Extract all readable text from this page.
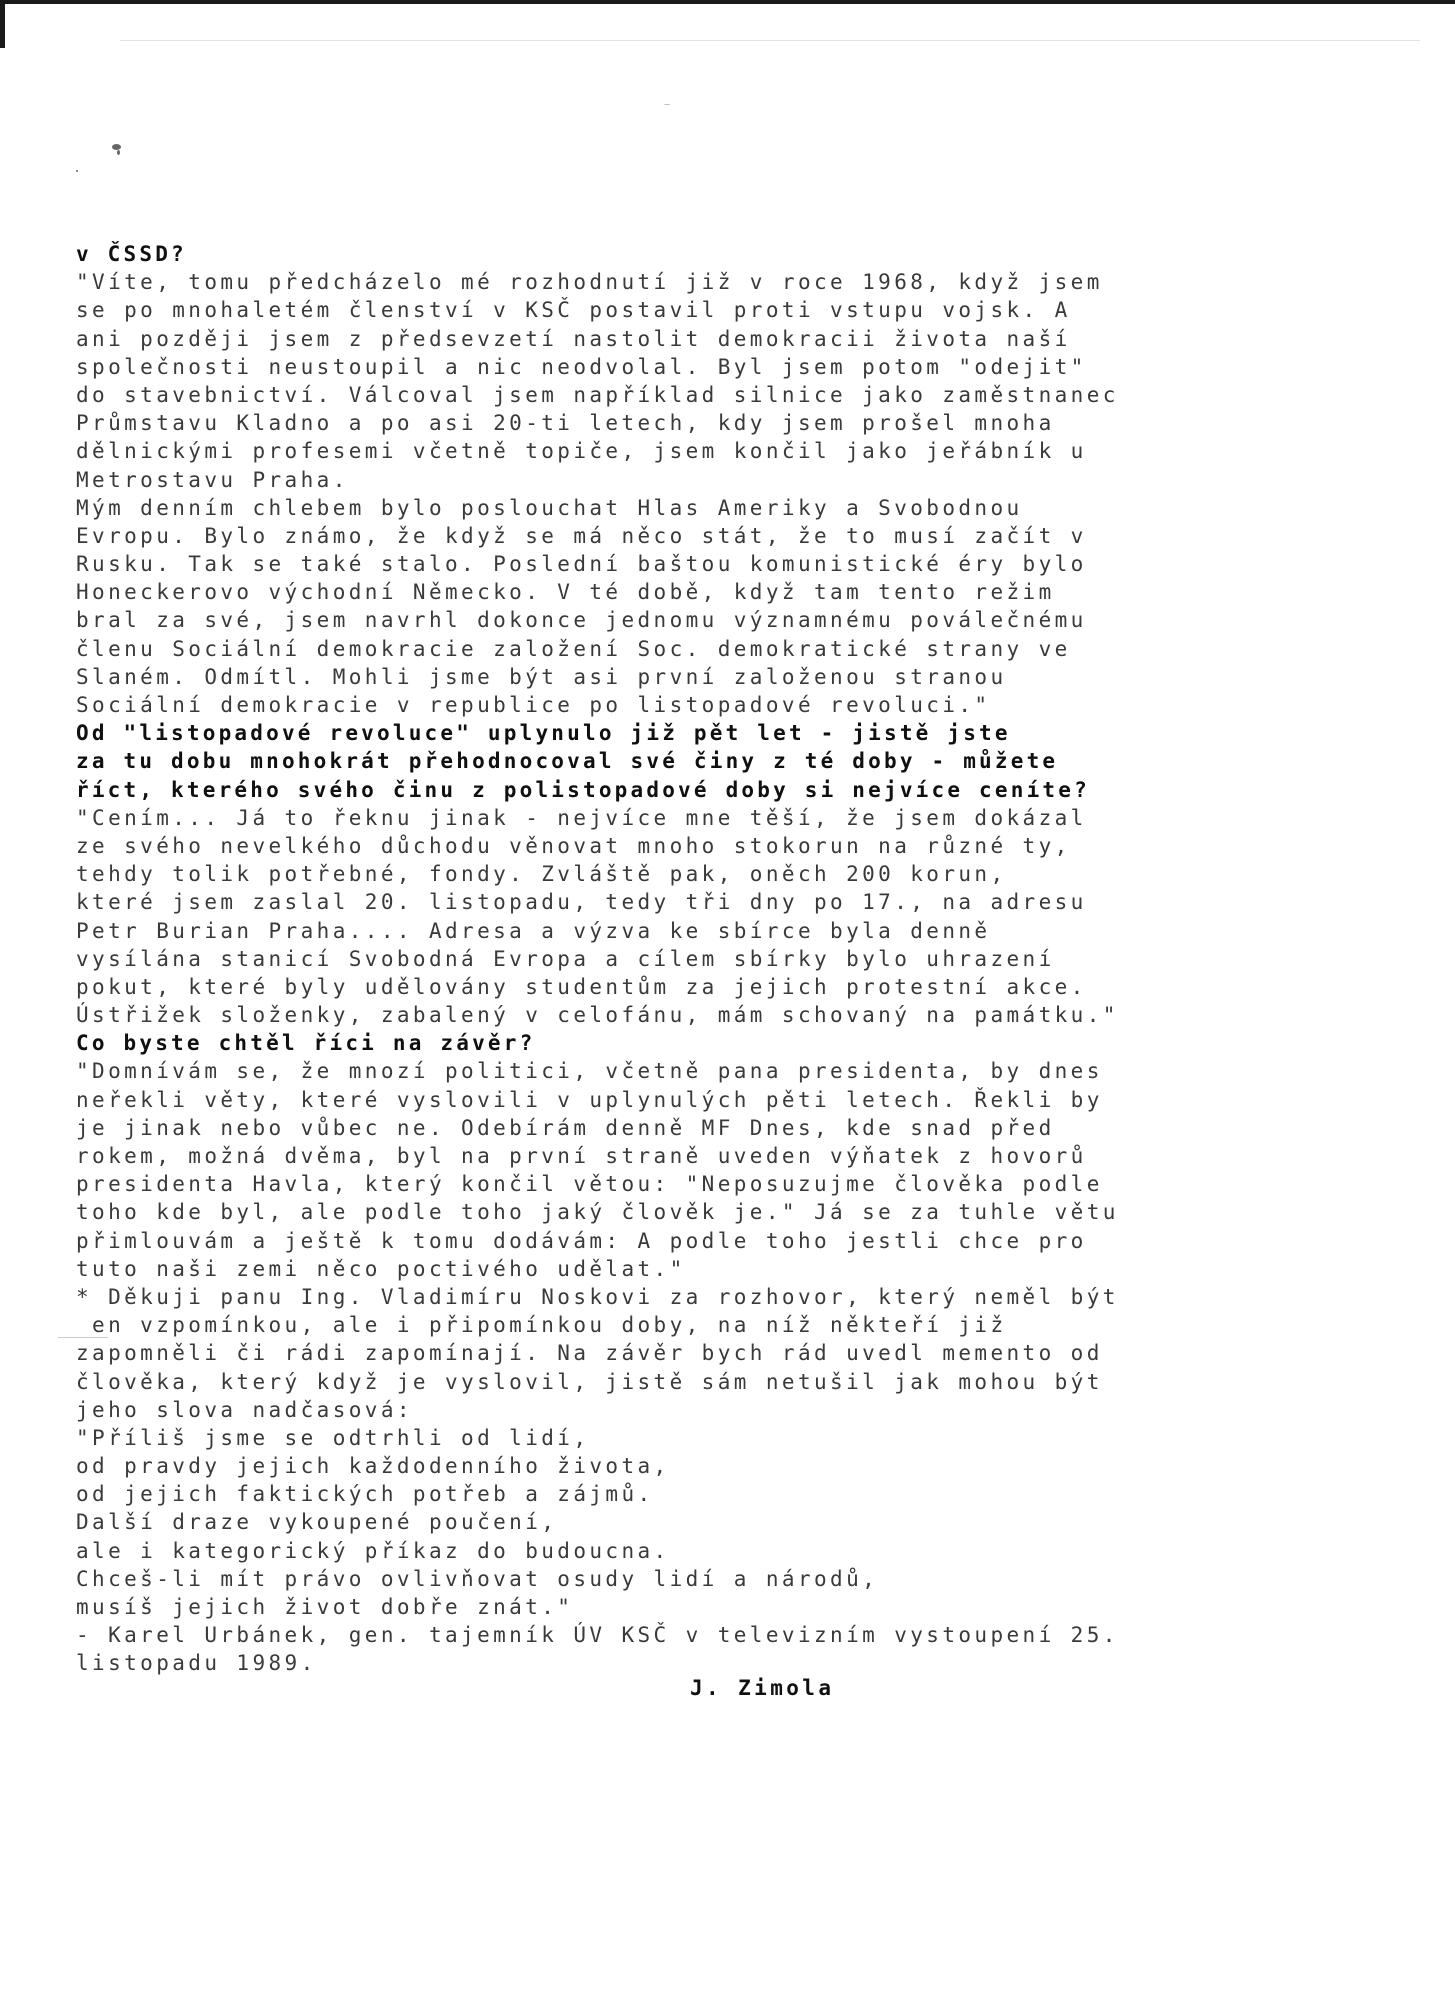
v ČSSD?
"Víte, tomu předcházelo mé rozhodnutí již v roce 1968, když jsem
se po mnohaletém členství v KSČ postavil proti vstupu vojsk. A
ani později jsem z předsevzetí nastolit demokracii života naší
společnosti neustoupil a nic neodvolal. Byl jsem potom "odejit"
do stavebnictví. Válcoval jsem například silnice jako zaměstnanec
Průmstavu Kladno a po asi 20-ti letech, kdy jsem prošel mnoha
dělnickými profesemi včetně topiče, jsem končil jako jeřábník u
Metrostavu Praha.
Mým denním chlebem bylo poslouchat Hlas Ameriky a Svobodnou
Evropu. Bylo známo, že když se má něco stát, že to musí začít v
Rusku. Tak se také stalo. Poslední baštou komunistické éry bylo
Honeckerovo východní Německo. V té době, když tam tento režim
bral za své, jsem navrhl dokonce jednomu významnému poválečnému
členu Sociální demokracie založení Soc. demokratické strany ve
Slaném. Odmítl. Mohli jsme být asi první založenou stranou
Sociální demokracie v republice po listopadové revoluci."
Od "listopadové revoluce" uplynulo již pět let - jistě jste
za tu dobu mnohokrát přehodnocoval své činy z té doby - můžete
říct, kterého svého činu z polistopadové doby si nejvíce ceníte?
"Cením... Já to řeknu jinak - nejvíce mne těší, že jsem dokázal
ze svého nevelkého důchodu věnovat mnoho stokorun na různé ty,
tehdy tolik potřebné, fondy. Zvláště pak, oněch 200 korun,
které jsem zaslal 20. listopadu, tedy tři dny po 17., na adresu
Petr Burian Praha.... Adresa a výzva ke sbírce byla denně
vysílána stanicí Svobodná Evropa a cílem sbírky bylo uhrazení
pokut, které byly udělovány studentům za jejich protestní akce.
Ústřižek složenky, zabalený v celofánu, mám schovaný na památku."
Co byste chtěl říci na závěr?
"Domnívám se, že mnozí politici, včetně pana presidenta, by dnes
neřekli věty, které vyslovili v uplynulých pěti letech. Řekli by
je jinak nebo vůbec ne. Odebírám denně MF Dnes, kde snad před
rokem, možná dvěma, byl na první straně uveden výňatek z hovorů
presidenta Havla, který končil větou: "Neposuzujme člověka podle
toho kde byl, ale podle toho jaký člověk je." Já se za tuhle větu
přimlouvám a ještě k tomu dodávám: A podle toho jestli chce pro
tuto naši zemi něco poctivého udělat."
* Děkuji panu Ing. Vladimíru Noskovi za rozhovor, který neměl být
en vzpomínkou, ale i připomínkou doby, na níž někteří již
zapomněli či rádi zapomínají. Na závěr bych rád uvedl memento od
člověka, který když je vyslovil, jistě sám netušil jak mohou být
jeho slova nadčasová:
"Příliš jsme se odtrhli od lidí,
od pravdy jejich každodenního života,
od jejich faktických potřeb a zájmů.
Další draze vykoupené poučení,
ale i kategorický příkaz do budoucna.
Chceš-li mít právo ovlivňovat osudy lidí a národů,
musíš jejich život dobře znát."
- Karel Urbánek, gen. tajemník ÚV KSČ v televizním vystoupení 25.
listopadu 1989.
J. Zimola
